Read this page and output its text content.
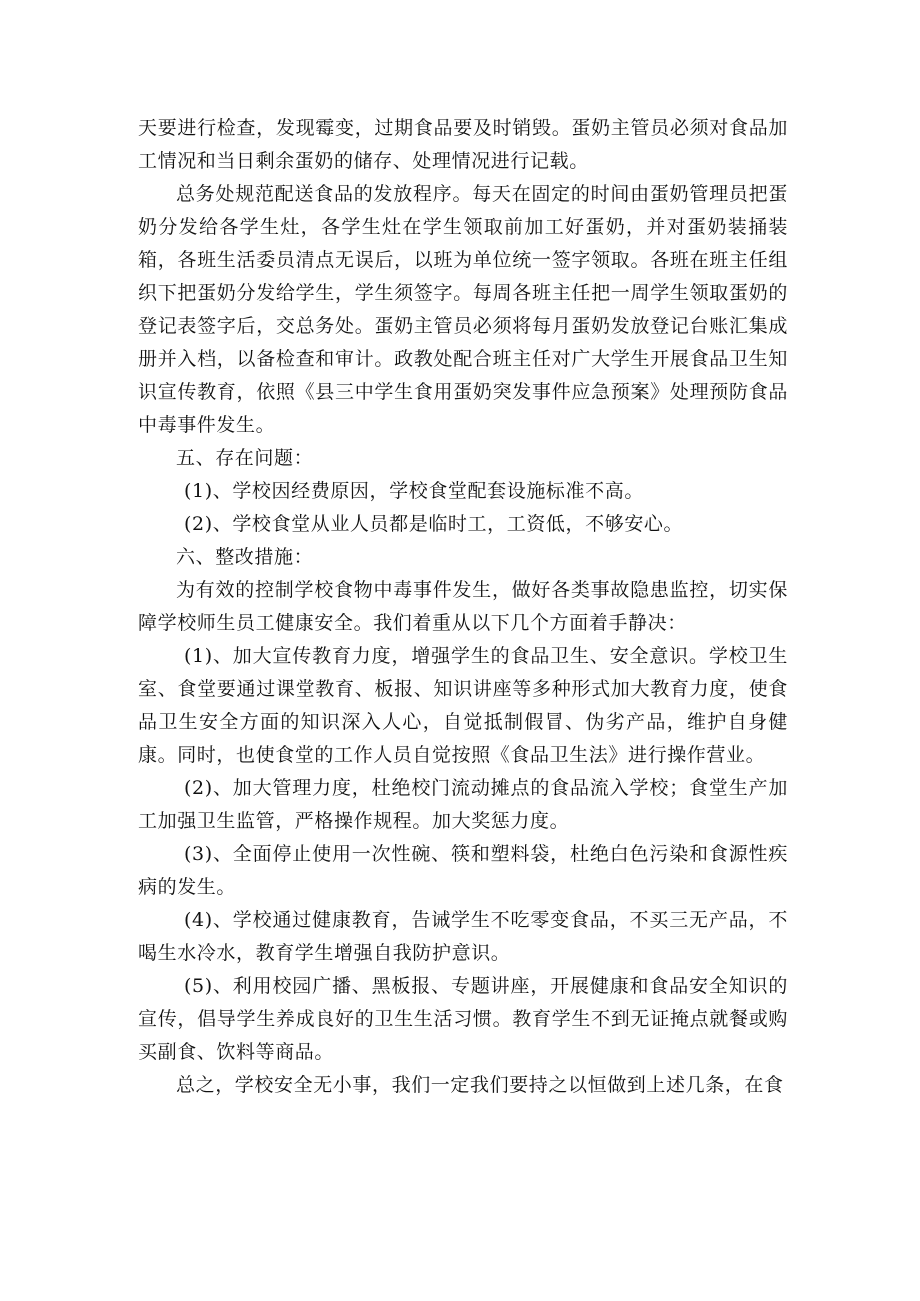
天要进行检查，发现霉变，过期食品要及时销毁。蛋奶主管员必须对食品加工情况和当日剩余蛋奶的储存、处理情况进行记载。

总务处规范配送食品的发放程序。每天在固定的时间由蛋奶管理员把蛋奶分发给各学生灶，各学生灶在学生领取前加工好蛋奶，并对蛋奶装捅装箱，各班生活委员清点无误后，以班为单位统一签字领取。各班在班主任组织下把蛋奶分发给学生，学生须签字。每周各班主任把一周学生领取蛋奶的登记表签字后，交总务处。蛋奶主管员必须将每月蛋奶发放登记台账汇集成册并入档，以备检查和审计。政教处配合班主任对广大学生开展食品卫生知识宣传教育，依照《县三中学生食用蛋奶突发事件应急预案》处理预防食品中毒事件发生。

五、存在问题：

(1)、学校因经费原因，学校食堂配套设施标准不高。

(2)、学校食堂从业人员都是临时工，工资低，不够安心。

六、整改措施：

为有效的控制学校食物中毒事件发生，做好各类事故隐患监控，切实保障学校师生员工健康安全。我们着重从以下几个方面着手静决：

(1)、加大宣传教育力度，增强学生的食品卫生、安全意识。学校卫生室、食堂要通过课堂教育、板报、知识讲座等多种形式加大教育力度，使食品卫生安全方面的知识深入人心，自觉抵制假冒、伪劣产品，维护自身健康。同时，也使食堂的工作人员自觉按照《食品卫生法》进行操作营业。

(2)、加大管理力度，杜绝校门流动摊点的食品流入学校；食堂生产加工加强卫生监管，严格操作规程。加大奖惩力度。

(3)、全面停止使用一次性碗、筷和塑料袋，杜绝白色污染和食源性疾病的发生。

(4)、学校通过健康教育，告诫学生不吃零变食品，不买三无产品，不喝生水冷水，教育学生增强自我防护意识。

(5)、利用校园广播、黑板报、专题讲座，开展健康和食品安全知识的宣传，倡导学生养成良好的卫生生活习惯。教育学生不到无证掩点就餐或购买副食、饮料等商品。

总之，学校安全无小事，我们一定我们要持之以恒做到上述几条，在食
